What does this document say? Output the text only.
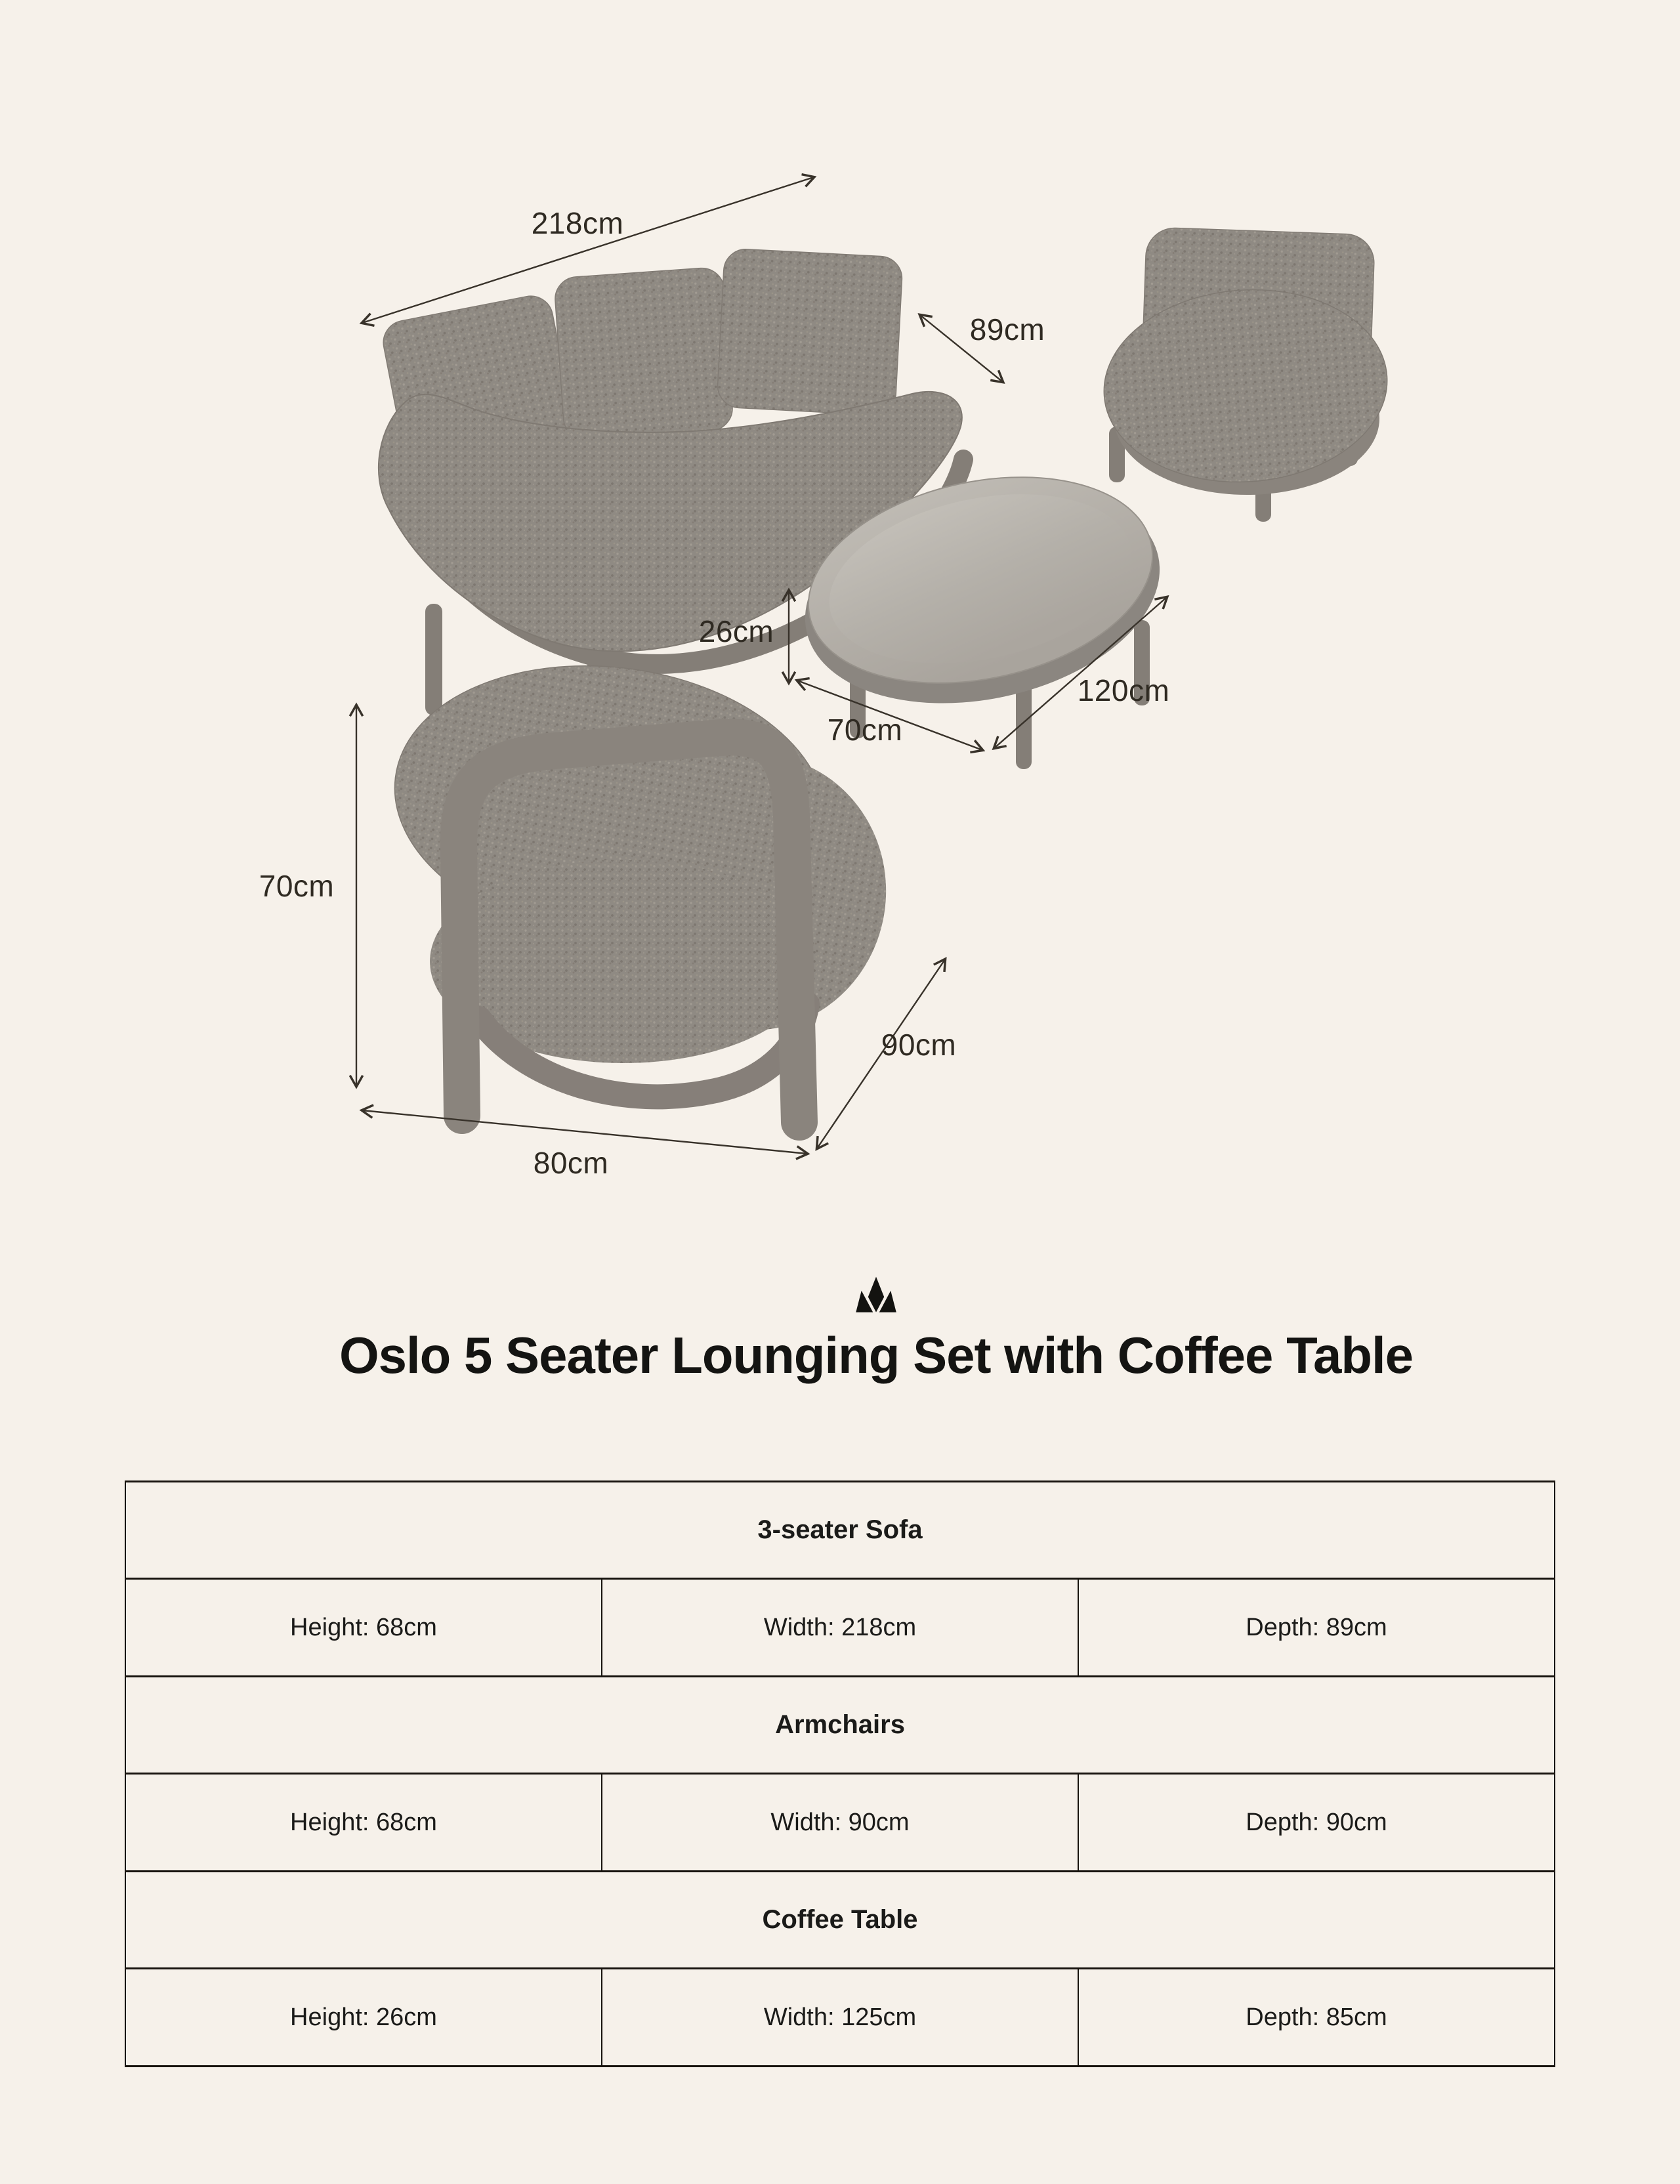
218cm
89cm
26cm
120cm
70cm
70cm
90cm
80cm
Oslo 5 Seater Lounging Set with Coffee Table
3-seater Sofa		
Height: 68cm	Width: 218cm	Depth: 89cm
Armchairs		
Height: 68cm	Width: 90cm	Depth: 90cm
Coffee Table		
Height: 26cm	Width: 125cm	Depth: 85cm
